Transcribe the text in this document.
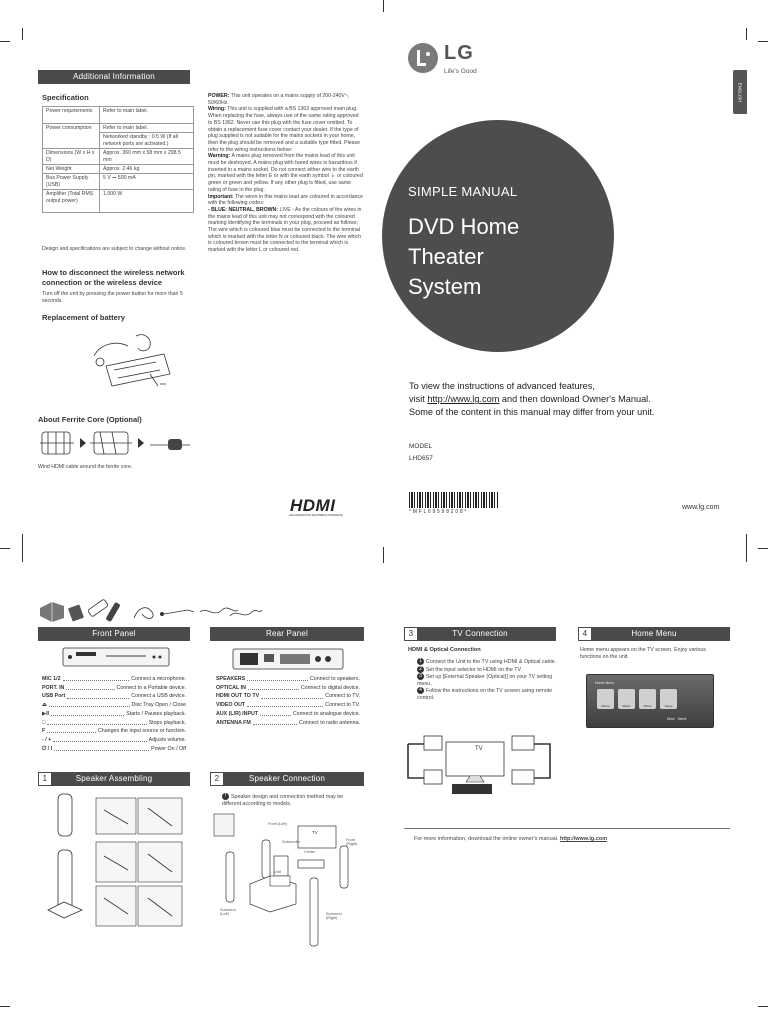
Additional Information
Specification
Power requirements	Refer to main label.
Power consumption	Refer to main label.
	Networked standby : 0.5 W (If all network ports are activated.)
Dimensions (W x H x D)	Approx. 360 mm x 58 mm x 298.5 mm
Net Weight	Approx. 2.46 kg
Bus Power Supply (USB)	5 V ⎓ 500 mA
Amplifier (Total RMS output power)	1,000 W
Design and specifications are subject to change without notice.
How to disconnect the wireless network connection or the wireless device
Turn off the unit by pressing the power button for more than 5 seconds.
Replacement of battery
About Ferrite Core (Optional)
Wind HDMI cable around the ferrite core.
POWER: This unit operates on a mains supply of 200-240V~, 50/60Hz.
Wiring: This unit is supplied with a BS 1363 approved main plug. When replacing the fuse, always use of the same rating approved to BS 1362. Never use this plug with the fuse cover omitted. To obtain a replacement fuse cover contact your dealer. If the type of plug supplied is not suitable for the mains sockets in your home, then the plug should be removed and a suitable type fitted. Please refer to the wiring instructions below:
Warning: A mains plug removed from the mains lead of this unit must be destroyed. A mains plug with bared wires is hazardous if inserted in a mains socket. Do not connect either wire to the earth pin, marked with the letter E or with the earth symbol ⏚ or coloured green or green and yellow. If any other plug is fitted, use same rating of fuse in the plug.
Important: The wires in this mains lead are coloured in accordance with the following codes:
- BLUE: NEUTRAL, BROWN: LIVE - As the colours of the wires in the mains lead of this unit may not correspond with the coloured marking identifying the terminals in your plug, proceed as follows: The wire which is coloured blue must be connected to the terminal which is marked with the letter N or coloured black. The wire which is coloured brown must be connected to the terminal which is marked with the letter L or coloured red.
LG
Life's Good
ENGLISH
SIMPLE MANUAL
DVD Home
Theater
System
To view the instructions of advanced features,
visit http://www.lg.com and then download Owner's Manual.
Some of the content in this manual may differ from your unit.
MODEL
LHD657
* M F L 6 9 5 9 8 2 0 8 *
HDMI
HIGH-DEFINITION MULTIMEDIA INTERFACE
www.lg.com
Front Panel
MIC 1/2	Connect a microphone.
PORT. IN	Connect to a Portable device.
USB Port	Connect a USB device.
⏏	Disc Tray Open / Close
▶II	Starts / Pauses playback.
□	Stops playback.
F	Changes the input source or function.
- / +	Adjusts volume.
⏻ / I	Power On / Off
Rear Panel
SPEAKERS	Connect to speakers.
OPTICAL IN	Connect to digital device.
HDMI OUT TO TV	Connect to TV.
VIDEO OUT	Connect to TV.
AUX (L/R) INPUT	Connect to analogue device.
ANTENNA FM	Connect to radio antenna.
3	TV Connection
HDMI & Optical Connection
1 Connect the Unit to the TV using HDMI & Optical cable.
2 Set the input selector to HDMI on the TV.
3 Set up [External Speaker (Optical)] on your TV setting menu.
4 Follow the instructions on the TV screen using remote control.
TV
4	Home Menu
Home menu appears on the TV screen. Enjoy various functions on the unit.
Home Menu
Movie	Music	Photo	Setup
Move Select
1	Speaker Assembling	2	Speaker Connection
! Speaker design and connection method may be different according to models.
Front (Left)
Subwoofer
Center
TV
Front (Right)
Unit
Surround (Left)	Surround (Right)
For more information, download the online owner's manual. http://www.lg.com
